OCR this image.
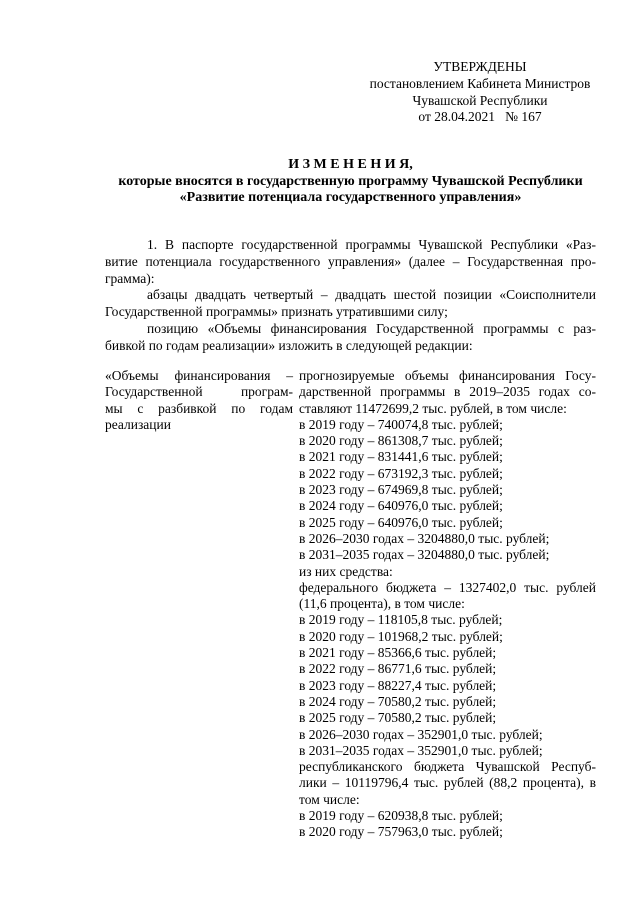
УТВЕРЖДЕНЫ
постановлением Кабинета Министров
Чувашской Республики
от 28.04.2021   № 167
И З М Е Н Е Н И Я,
которые вносятся в государственную программу Чувашской Республики
«Развитие потенциала государственного управления»
1. В паспорте государственной программы Чувашской Республики «Раз-
витие потенциала государственного управления» (далее – Государственная про-
грамма):
абзацы двадцать четвертый – двадцать шестой позиции «Соисполнители
Государственной программы» признать утратившими силу;
позицию «Объемы финансирования Государственной программы с раз-
бивкой по годам реализации» изложить в следующей редакции:
«Объемы финансирования –
Государственной програм-
мы с разбивкой по годам
реализации
прогнозируемые объемы финансирования Госу-
дарственной программы в 2019–2035 годах со-
ставляют 11472699,2 тыс. рублей, в том числе:
в 2019 году – 740074,8 тыс. рублей;
в 2020 году – 861308,7 тыс. рублей;
в 2021 году – 831441,6 тыс. рублей;
в 2022 году – 673192,3 тыс. рублей;
в 2023 году – 674969,8 тыс. рублей;
в 2024 году – 640976,0 тыс. рублей;
в 2025 году – 640976,0 тыс. рублей;
в 2026–2030 годах – 3204880,0 тыс. рублей;
в 2031–2035 годах – 3204880,0 тыс. рублей;
из них средства:
федерального бюджета – 1327402,0 тыс. рублей
(11,6 процента), в том числе:
в 2019 году – 118105,8 тыс. рублей;
в 2020 году – 101968,2 тыс. рублей;
в 2021 году – 85366,6 тыс. рублей;
в 2022 году – 86771,6 тыс. рублей;
в 2023 году – 88227,4 тыс. рублей;
в 2024 году – 70580,2 тыс. рублей;
в 2025 году – 70580,2 тыс. рублей;
в 2026–2030 годах – 352901,0 тыс. рублей;
в 2031–2035 годах – 352901,0 тыс. рублей;
республиканского бюджета Чувашской Респуб-
лики – 10119796,4 тыс. рублей (88,2 процента), в
том числе:
в 2019 году – 620938,8 тыс. рублей;
в 2020 году – 757963,0 тыс. рублей;
